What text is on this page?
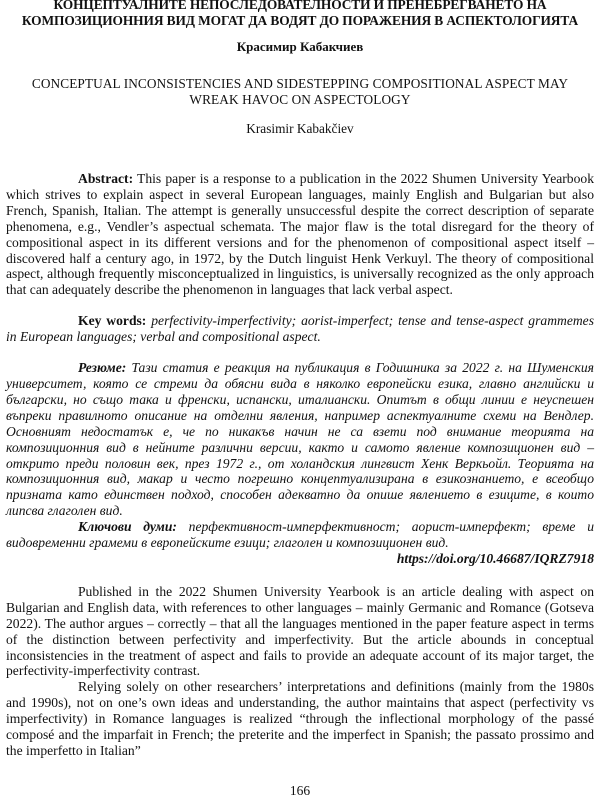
КОНЦЕПТУАЛНИТЕ НЕПОСЛЕДОВАТЕЛНОСТИ И ПРЕНЕБРЕГВАНЕТО НА КОМПОЗИЦИОННИЯ ВИД МОГАТ ДА ВОДЯТ ДО ПОРАЖЕНИЯ В АСПЕКТОЛОГИЯТА
Красимир Кабакчиев
CONCEPTUAL INCONSISTENCIES AND SIDESTEPPING COMPOSITIONAL ASPECT MAY WREAK HAVOC ON ASPECTOLOGY
Krasimir Kabakčiev

Abstract: This paper is a response to a publication in the 2022 Shumen University Yearbook which strives to explain aspect in several European languages, mainly English and Bulgarian but also French, Spanish, Italian. The attempt is generally unsuccessful despite the correct description of separate phenomena, e.g., Vendler’s aspectual schemata. The major flaw is the total disregard for the theory of compositional aspect in its different versions and for the phenomenon of compositional aspect itself – discovered half a century ago, in 1972, by the Dutch linguist Henk Verkuyl. The theory of compositional aspect, although frequently misconceptualized in linguistics, is universally recognized as the only approach that can adequately describe the phenomenon in languages that lack verbal aspect.

Key words: perfectivity-imperfectivity; aorist-imperfect; tense and tense-aspect grammemes in European languages; verbal and compositional aspect.

Резюме: Тази статия е реакция на публикация в Годишника за 2022 г. на Шуменския университет, която се стреми да обясни вида в няколко европейски езика, главно английски и български, но също така и френски, испански, италиански. Опитът в общи линии е неуспешен въпреки правилното описание на отделни явления, например аспектуалните схеми на Вендлер. Основният недостатък е, че по никакъв начин не са взети под внимание теорията на композиционния вид в нейните различни версии, както и самото явление композиционен вид – открито преди половин век, през 1972 г., от холандския лингвист Хенк Веркьойл. Теорията на композиционния вид, макар и често погрешно концептуализирана в езикознанието, е всеобщо призната като единствен подход, способен адекватно да опише явлението в езиците, в които липсва глаголен вид.

Ключови думи: перфективност-имперфективност; аорист-имперфект; време и видовременни грамеми в европейските езици; глаголен и композиционен вид.

https://doi.org/10.46687/IQRZ7918

Published in the 2022 Shumen University Yearbook is an article dealing with aspect on Bulgarian and English data, with references to other languages – mainly Germanic and Romance (Gotseva 2022). The author argues – correctly – that all the languages mentioned in the paper feature aspect in terms of the distinction between perfectivity and imperfectivity. But the article abounds in conceptual inconsistencies in the treatment of aspect and fails to provide an adequate account of its major target, the perfectivity-imperfectivity contrast.

Relying solely on other researchers’ interpretations and definitions (mainly from the 1980s and 1990s), not on one’s own ideas and understanding, the author maintains that aspect (perfectivity vs imperfectivity) in Romance languages is realized “through the inflectional morphology of the passé composé and the imparfait in French; the preterite and the imperfect in Spanish; the passato prossimo and the imperfetto in Italian”

166
